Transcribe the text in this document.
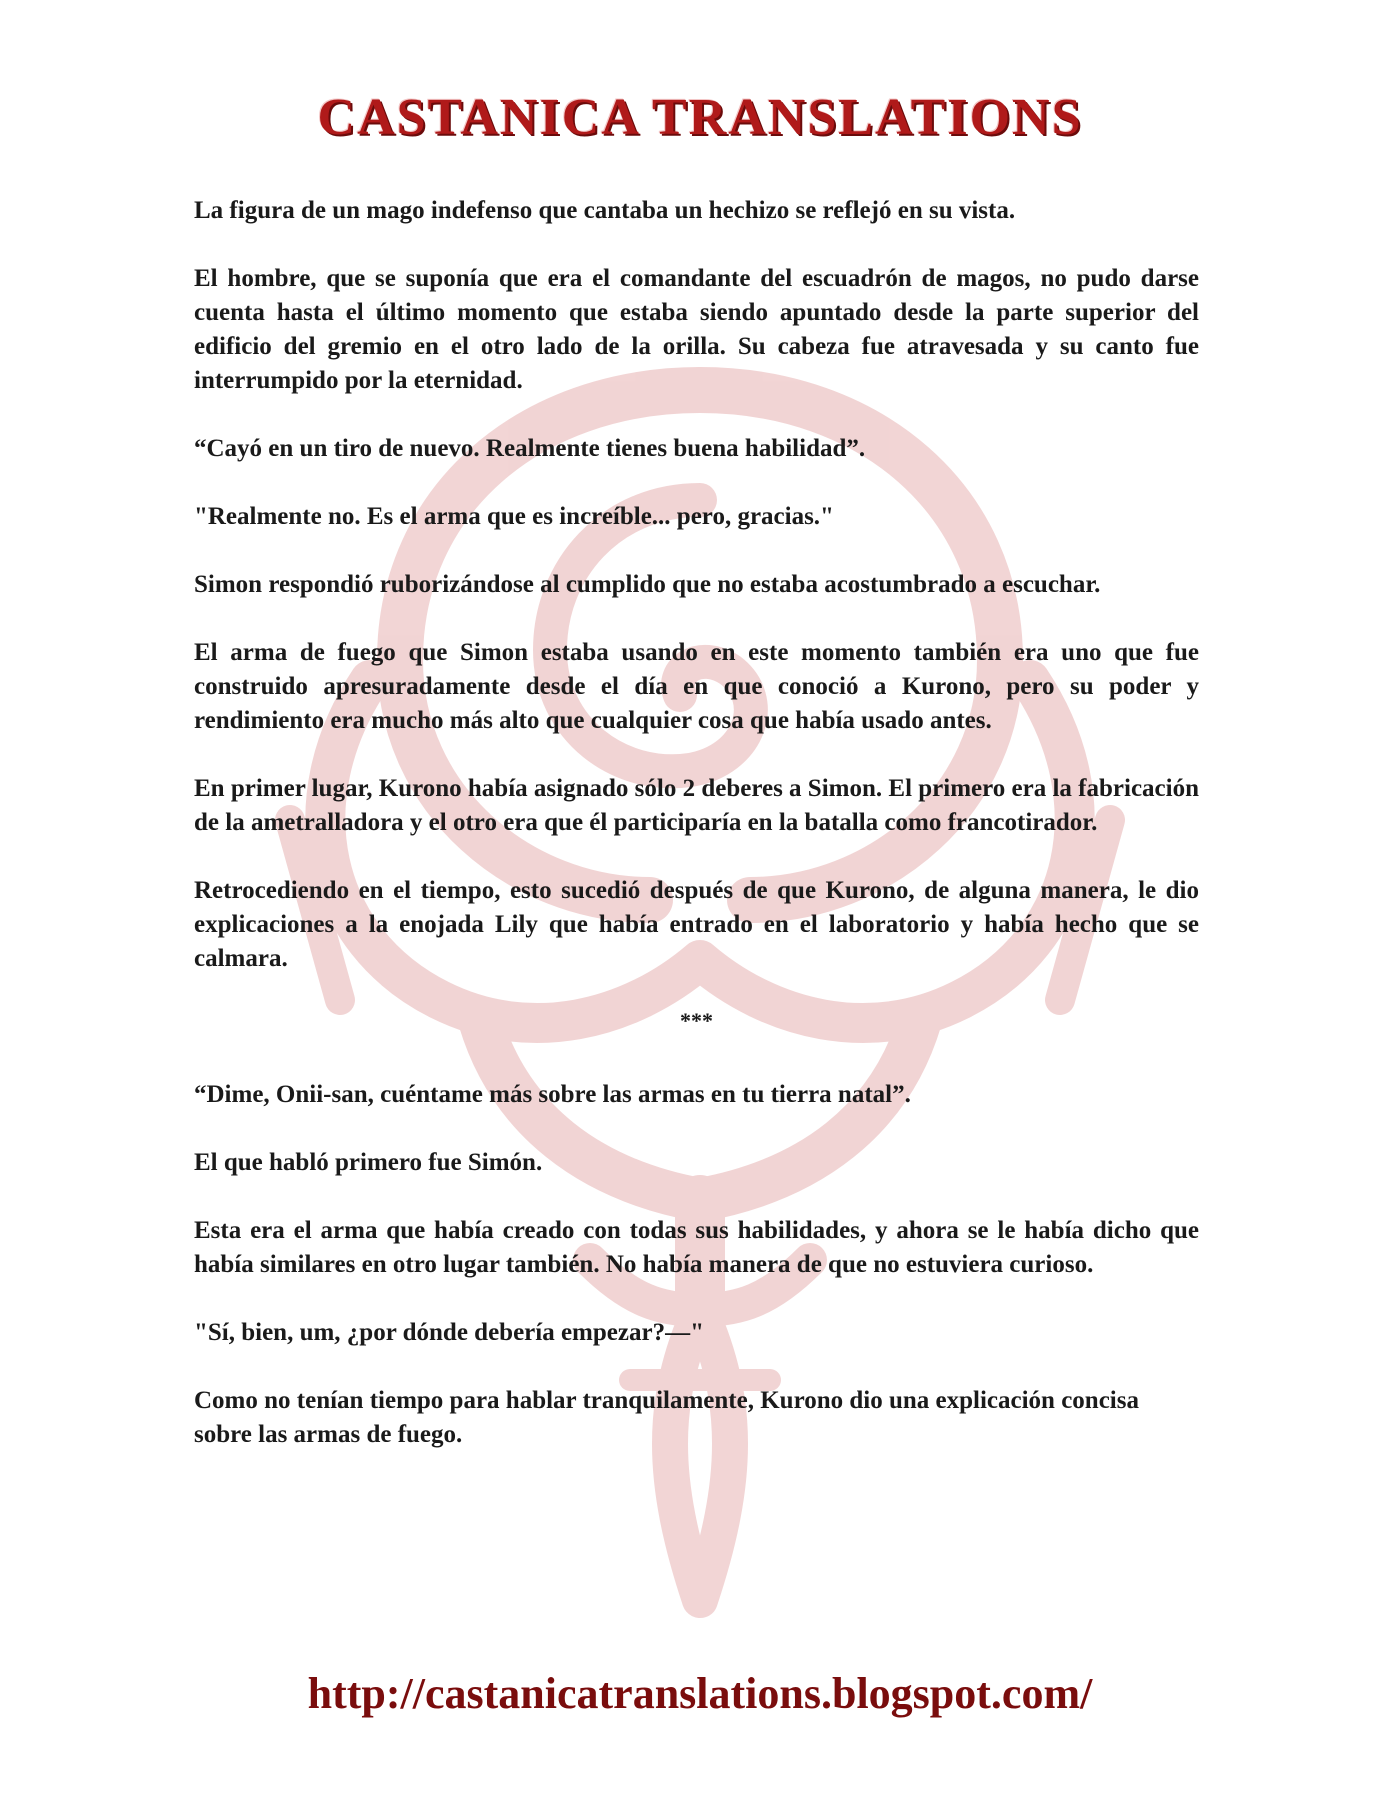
CASTANICA TRANSLATIONS

La figura de un mago indefenso que cantaba un hechizo se reflejó en su vista.

El hombre, que se suponía que era el comandante del escuadrón de magos, no pudo darse cuenta hasta el último momento que estaba siendo apuntado desde la parte superior del edificio del gremio en el otro lado de la orilla. Su cabeza fue atravesada y su canto fue interrumpido por la eternidad.

“Cayó en un tiro de nuevo. Realmente tienes buena habilidad”.

"Realmente no. Es el arma que es increíble... pero, gracias."

Simon respondió ruborizándose al cumplido que no estaba acostumbrado a escuchar.

El arma de fuego que Simon estaba usando en este momento también era uno que fue construido apresuradamente desde el día en que conoció a Kurono, pero su poder y rendimiento era mucho más alto que cualquier cosa que había usado antes.

En primer lugar, Kurono había asignado sólo 2 deberes a Simon. El primero era la fabricación de la ametralladora y el otro era que él participaría en la batalla como francotirador.

Retrocediendo en el tiempo, esto sucedió después de que Kurono, de alguna manera, le dio explicaciones a la enojada Lily que había entrado en el laboratorio y había hecho que se calmara.

***

“Dime, Onii-san, cuéntame más sobre las armas en tu tierra natal”.

El que habló primero fue Simón.

Esta era el arma que había creado con todas sus habilidades, y ahora se le había dicho que había similares en otro lugar también. No había manera de que no estuviera curioso.

"Sí, bien, um, ¿por dónde debería empezar?—"

Como no tenían tiempo para hablar tranquilamente, Kurono dio una explicación concisa sobre las armas de fuego.

http://castanicatranslations.blogspot.com/
